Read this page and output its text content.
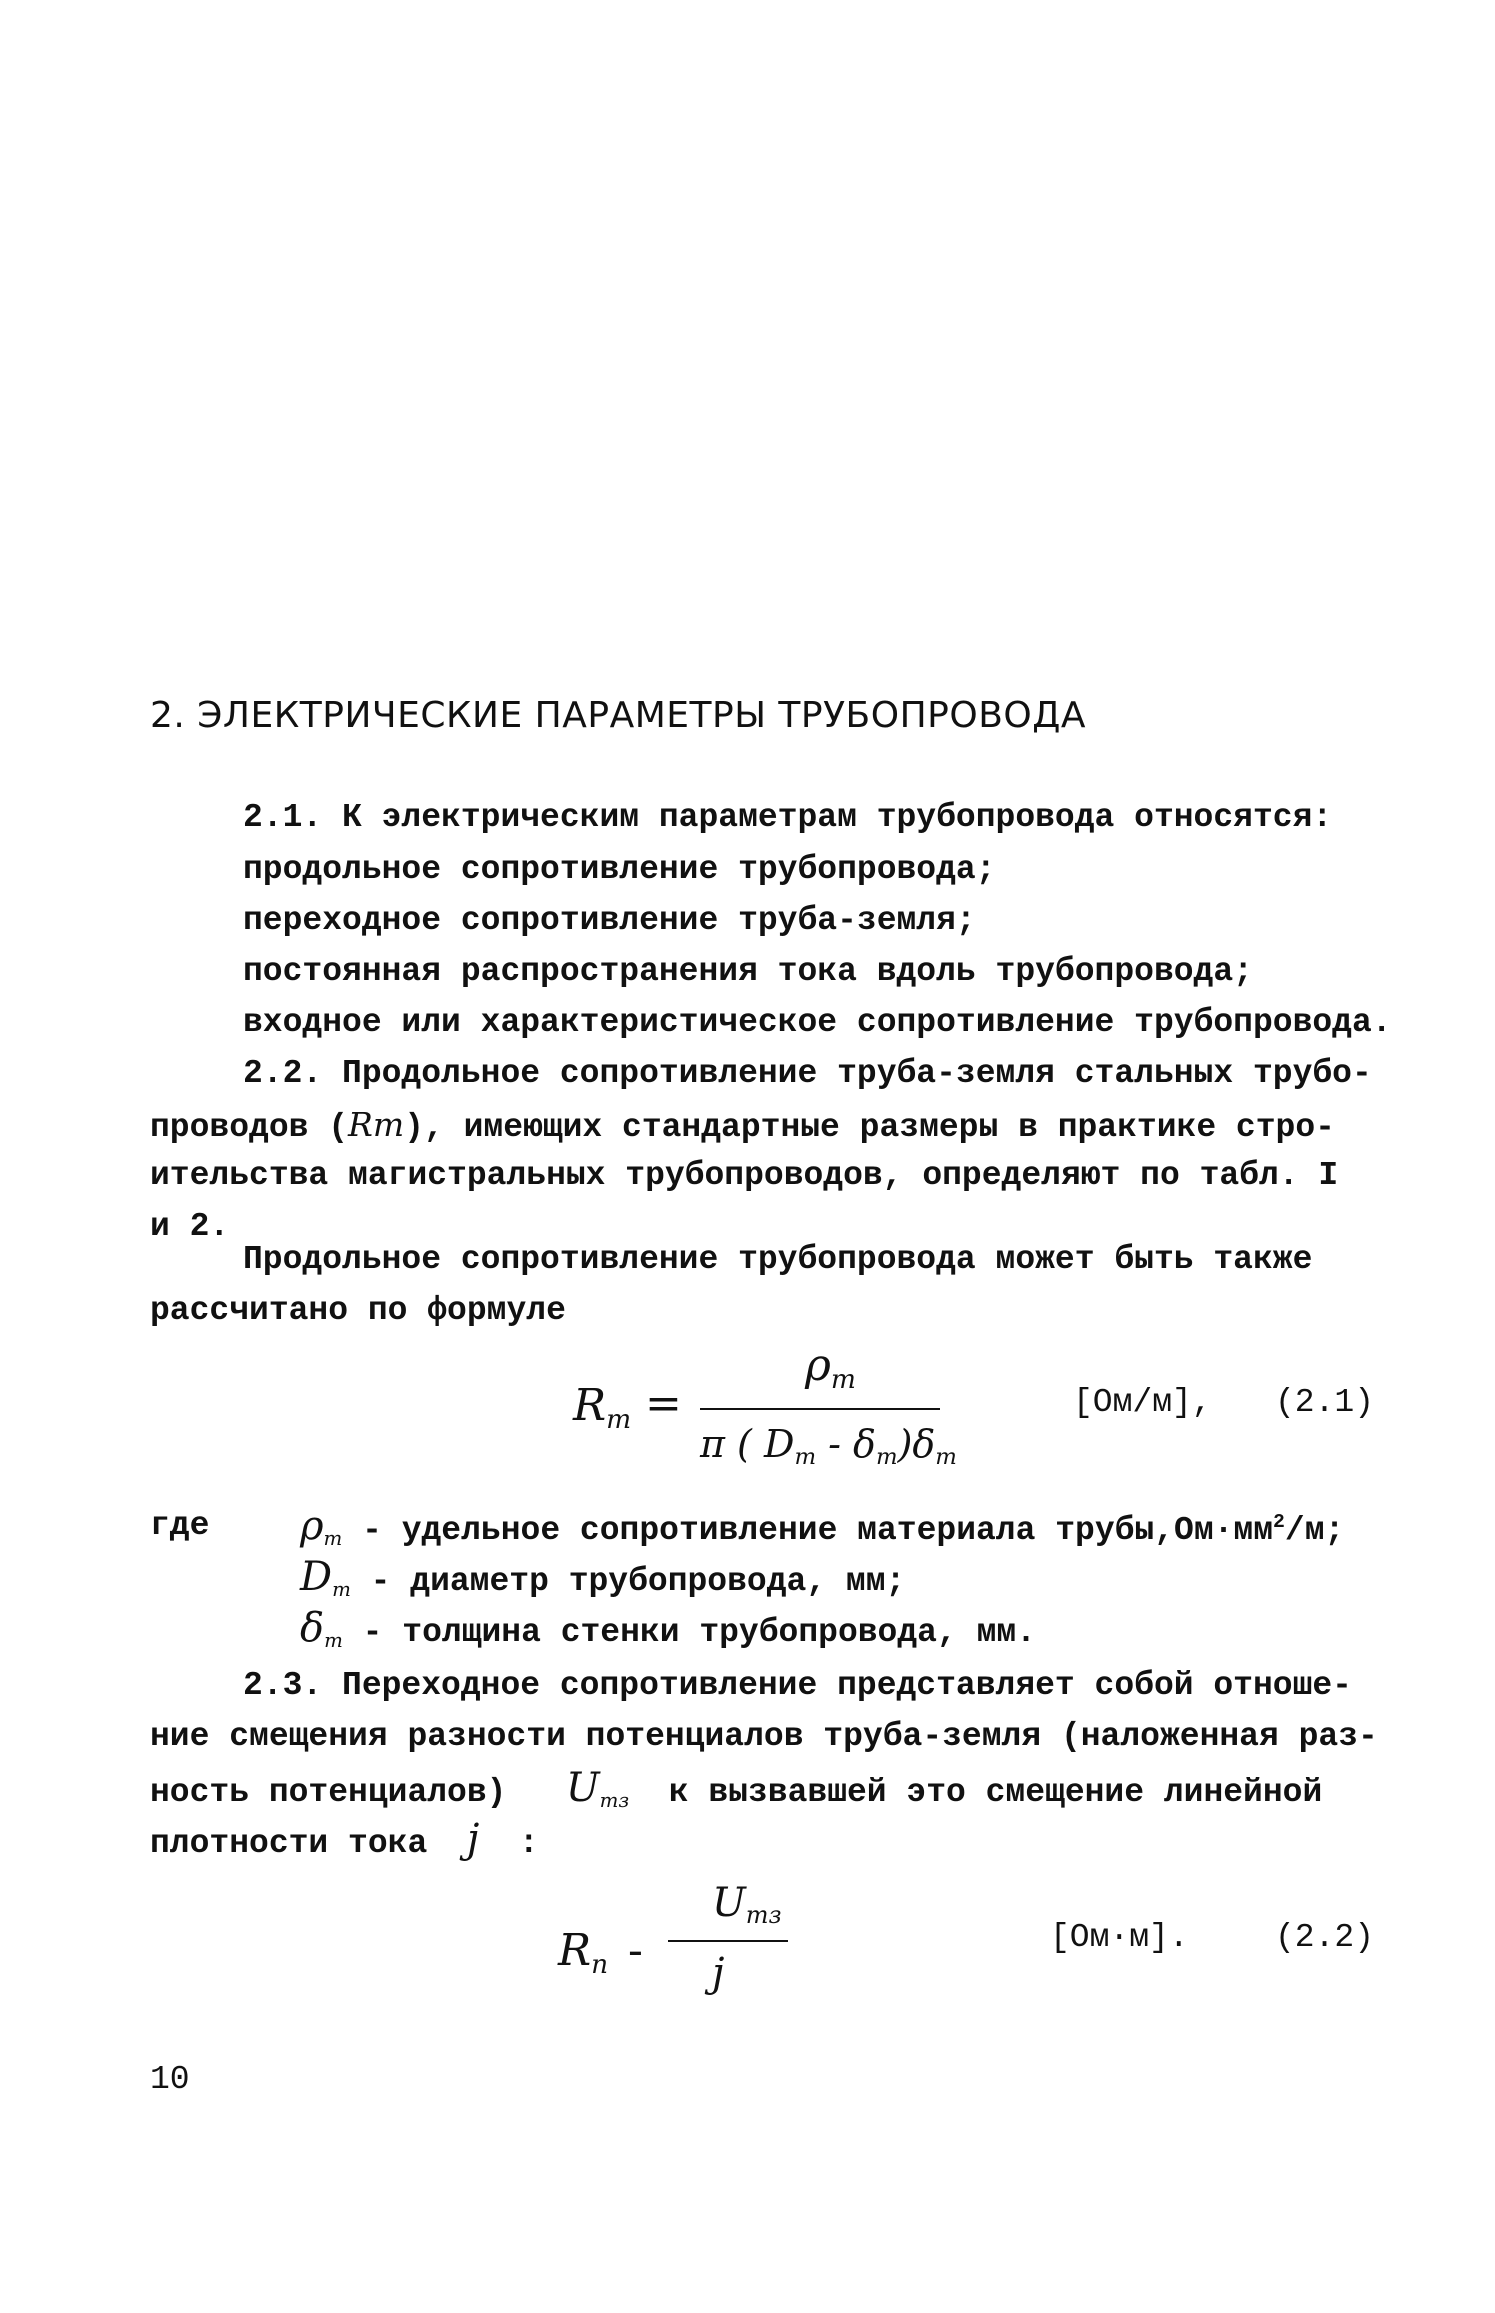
2. ЭЛЕКТРИЧЕСКИЕ ПАРАМЕТРЫ ТРУБОПРОВОДА
2.1. К электрическим параметрам трубопровода относятся:
продольное сопротивление трубопровода;
переходное сопротивление труба-земля;
постоянная распространения тока вдоль трубопровода;
входное или характеристическое сопротивление трубопровода.
2.2. Продольное сопротивление труба-земля стальных трубо-
проводов (Rт), имеющих стандартные размеры в практике стро-
ительства магистральных трубопроводов, определяют по табл. I
и 2.
Продольное сопротивление трубопровода может быть также
рассчитано по формуле
$R_т$ =
$\rho_т$
π ( $D_т - \delta_т)\delta_т$
[Ом/м], (2.1)
где $\rho_т$ - удельное сопротивление материала $трубы,Ом\cdot мм^2/м$;
$D_т$ - диаметр трубопровода, мм;
$\delta_т$ - толщина стенки трубопровода, мм.
2.3. Переходное сопротивление представляет собой отноше-
ние смещения разности потенциалов труба-земля (наложенная раз-
ность потенциалов) $U_{тз}$ к вызвавшей это смещение линейной
плотности тока j :
$R_п$ -
$U_{тз}$
j
[Ом·м].	(2.2)
10
